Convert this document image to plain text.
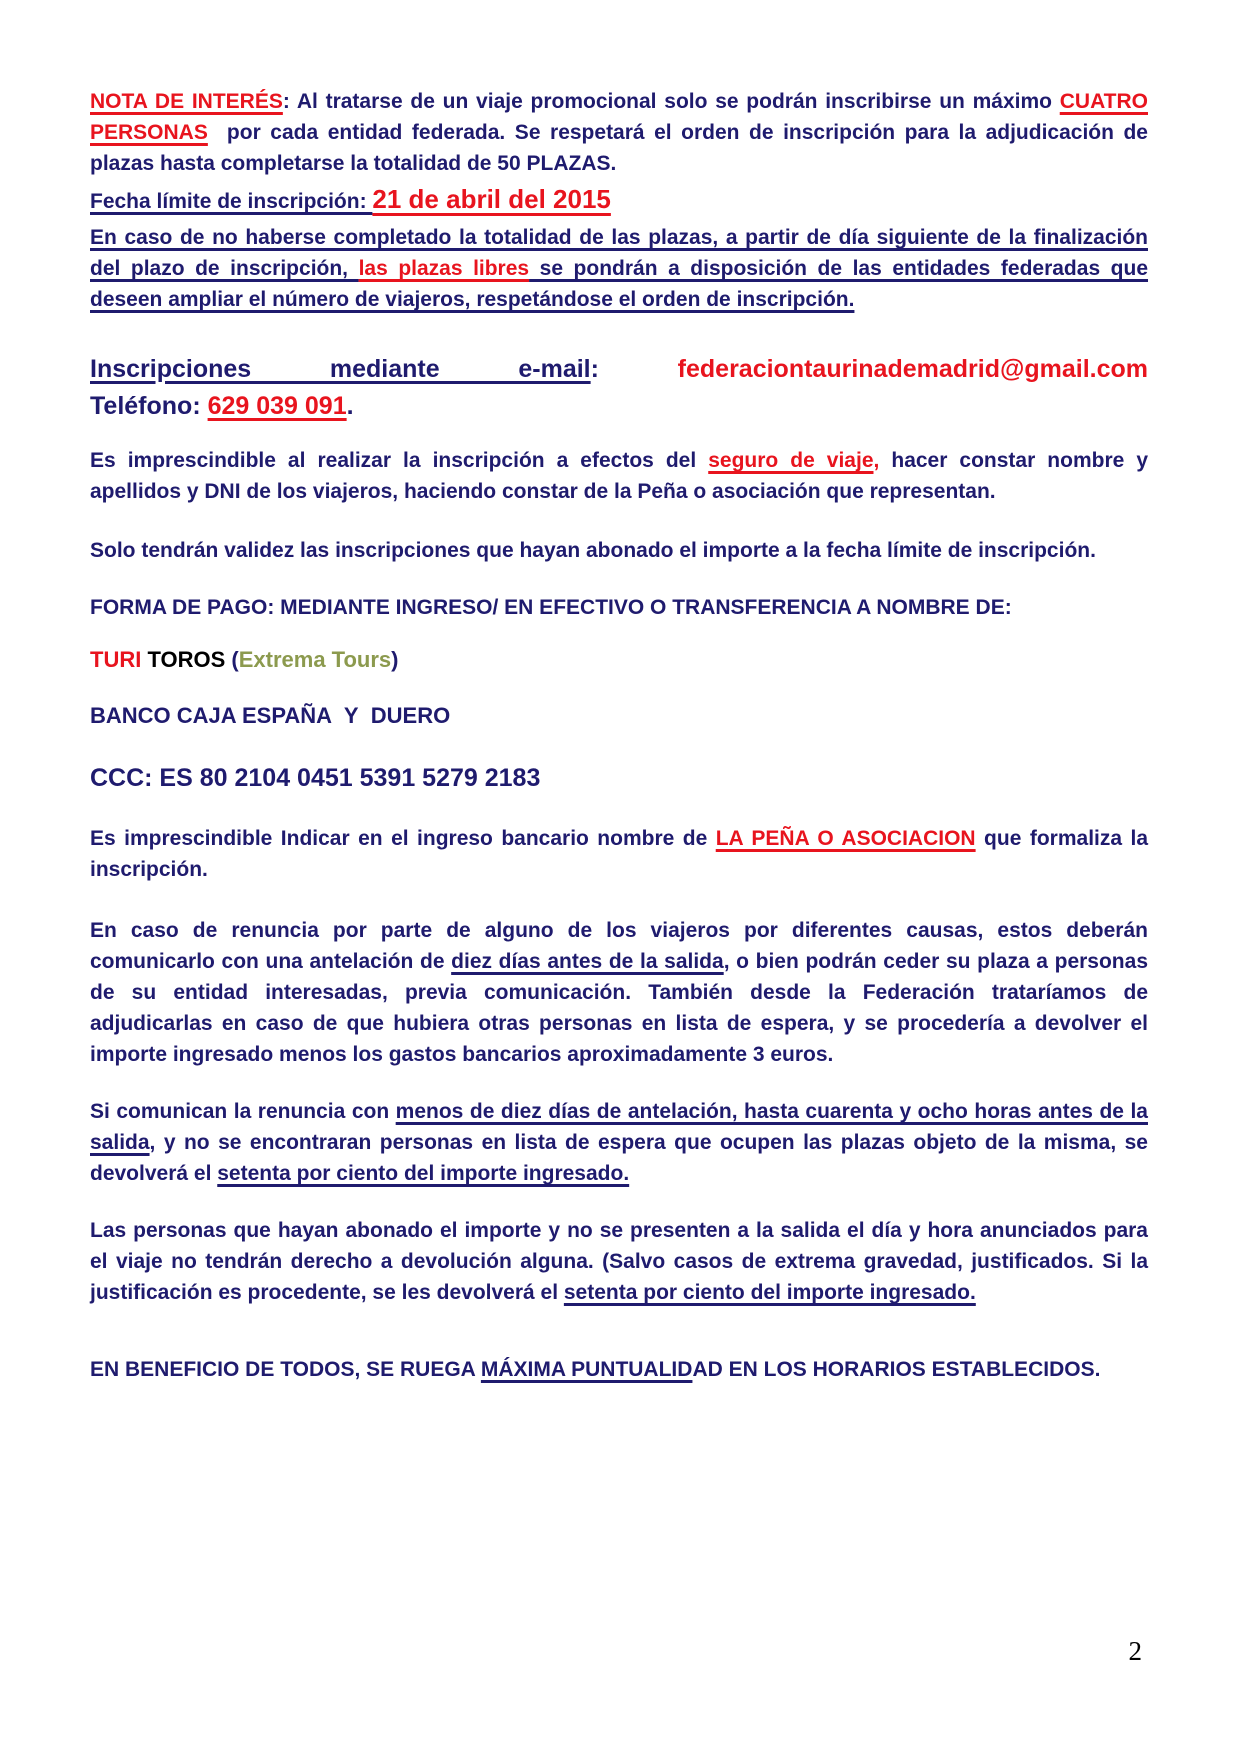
NOTA DE INTERÉS: Al tratarse de un viaje promocional solo se podrán inscribirse un máximo CUATRO PERSONAS  por cada entidad federada. Se respetará el orden de inscripción para la adjudicación de plazas hasta completarse la totalidad de 50 PLAZAS.

Fecha límite de inscripción: 21 de abril del 2015

En caso de no haberse completado la totalidad de las plazas, a partir de día siguiente de la finalización del plazo de inscripción, las plazas libres se pondrán a disposición de las entidades federadas que deseen ampliar el número de viajeros, respetándose el orden de inscripción.

Inscripciones mediante e-mail: federaciontaurinademadrid@gmail.com

Teléfono: 629 039 091.

Es imprescindible al realizar la inscripción a efectos del seguro de viaje, hacer constar nombre y apellidos y DNI de los viajeros, haciendo constar de la Peña o asociación que representan.

Solo tendrán validez las inscripciones que hayan abonado el importe a la fecha límite de inscripción.

FORMA DE PAGO: MEDIANTE INGRESO/ EN EFECTIVO O TRANSFERENCIA A NOMBRE DE:

TURI TOROS (Extrema Tours)

BANCO CAJA ESPAÑA  Y  DUERO

CCC: ES 80 2104 0451 5391 5279 2183

Es imprescindible Indicar en el ingreso bancario nombre de LA PEÑA O ASOCIACION que formaliza la inscripción.

En caso de renuncia por parte de alguno de los viajeros por diferentes causas, estos deberán comunicarlo con una antelación de diez días antes de la salida, o bien podrán ceder su plaza a personas de su entidad interesadas, previa comunicación. También desde la Federación trataríamos de adjudicarlas en caso de que hubiera otras personas en lista de espera, y se procedería a devolver el importe ingresado menos los gastos bancarios aproximadamente 3 euros.

Si comunican la renuncia con menos de diez días de antelación, hasta cuarenta y ocho horas antes de la salida, y no se encontraran personas en lista de espera que ocupen las plazas objeto de la misma, se devolverá el setenta por ciento del importe ingresado.

Las personas que hayan abonado el importe y no se presenten a la salida el día y hora anunciados para el viaje no tendrán derecho a devolución alguna. (Salvo casos de extrema gravedad, justificados. Si la justificación es procedente, se les devolverá el setenta por ciento del importe ingresado.

EN BENEFICIO DE TODOS, SE RUEGA MÁXIMA PUNTUALIDAD EN LOS HORARIOS ESTABLECIDOS.

2
